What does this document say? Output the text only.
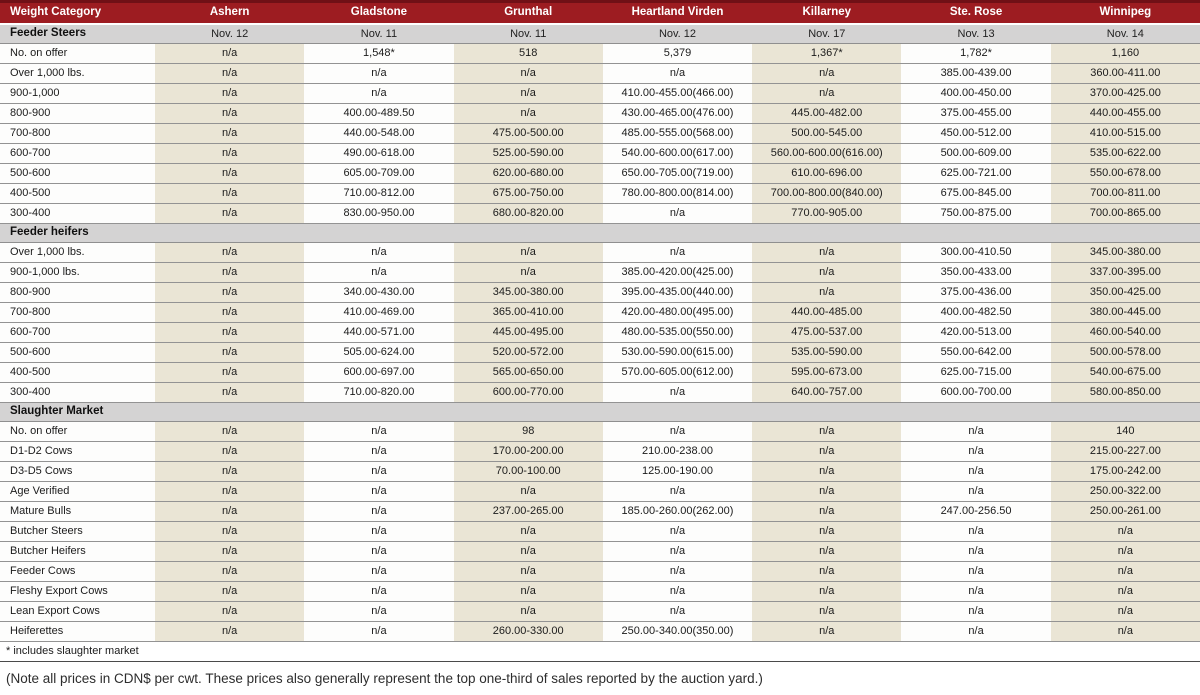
Weight Category	Ashern	Gladstone	Grunthal	Heartland Virden	Killarney	Ste. Rose	Winnipeg
Feeder Steers	Nov. 12	Nov. 11	Nov. 11	Nov. 12	Nov. 17	Nov. 13	Nov. 14
No. on offer	n/a	1,548*	518	5,379	1,367*	1,782*	1,160
Over 1,000 lbs.	n/a	n/a	n/a	n/a	n/a	385.00-439.00	360.00-411.00
900-1,000	n/a	n/a	n/a	410.00-455.00(466.00)	n/a	400.00-450.00	370.00-425.00
800-900	n/a	400.00-489.50	n/a	430.00-465.00(476.00)	445.00-482.00	375.00-455.00	440.00-455.00
700-800	n/a	440.00-548.00	475.00-500.00	485.00-555.00(568.00)	500.00-545.00	450.00-512.00	410.00-515.00
600-700	n/a	490.00-618.00	525.00-590.00	540.00-600.00(617.00)	560.00-600.00(616.00)	500.00-609.00	535.00-622.00
500-600	n/a	605.00-709.00	620.00-680.00	650.00-705.00(719.00)	610.00-696.00	625.00-721.00	550.00-678.00
400-500	n/a	710.00-812.00	675.00-750.00	780.00-800.00(814.00)	700.00-800.00(840.00)	675.00-845.00	700.00-811.00
300-400	n/a	830.00-950.00	680.00-820.00	n/a	770.00-905.00	750.00-875.00	700.00-865.00
Feeder heifers							
Over 1,000 lbs.	n/a	n/a	n/a	n/a	n/a	300.00-410.50	345.00-380.00
900-1,000 lbs.	n/a	n/a	n/a	385.00-420.00(425.00)	n/a	350.00-433.00	337.00-395.00
800-900	n/a	340.00-430.00	345.00-380.00	395.00-435.00(440.00)	n/a	375.00-436.00	350.00-425.00
700-800	n/a	410.00-469.00	365.00-410.00	420.00-480.00(495.00)	440.00-485.00	400.00-482.50	380.00-445.00
600-700	n/a	440.00-571.00	445.00-495.00	480.00-535.00(550.00)	475.00-537.00	420.00-513.00	460.00-540.00
500-600	n/a	505.00-624.00	520.00-572.00	530.00-590.00(615.00)	535.00-590.00	550.00-642.00	500.00-578.00
400-500	n/a	600.00-697.00	565.00-650.00	570.00-605.00(612.00)	595.00-673.00	625.00-715.00	540.00-675.00
300-400	n/a	710.00-820.00	600.00-770.00	n/a	640.00-757.00	600.00-700.00	580.00-850.00
Slaughter Market							
No. on offer	n/a	n/a	98	n/a	n/a	n/a	140
D1-D2 Cows	n/a	n/a	170.00-200.00	210.00-238.00	n/a	n/a	215.00-227.00
D3-D5 Cows	n/a	n/a	70.00-100.00	125.00-190.00	n/a	n/a	175.00-242.00
Age Verified	n/a	n/a	n/a	n/a	n/a	n/a	250.00-322.00
Mature Bulls	n/a	n/a	237.00-265.00	185.00-260.00(262.00)	n/a	247.00-256.50	250.00-261.00
Butcher Steers	n/a	n/a	n/a	n/a	n/a	n/a	n/a
Butcher Heifers	n/a	n/a	n/a	n/a	n/a	n/a	n/a
Feeder Cows	n/a	n/a	n/a	n/a	n/a	n/a	n/a
Fleshy Export Cows	n/a	n/a	n/a	n/a	n/a	n/a	n/a
Lean Export Cows	n/a	n/a	n/a	n/a	n/a	n/a	n/a
Heiferettes	n/a	n/a	260.00-330.00	250.00-340.00(350.00)	n/a	n/a	n/a
* includes slaughter market
(Note all prices in CDN$ per cwt. These prices also generally represent the top one-third of sales reported by the auction yard.)
